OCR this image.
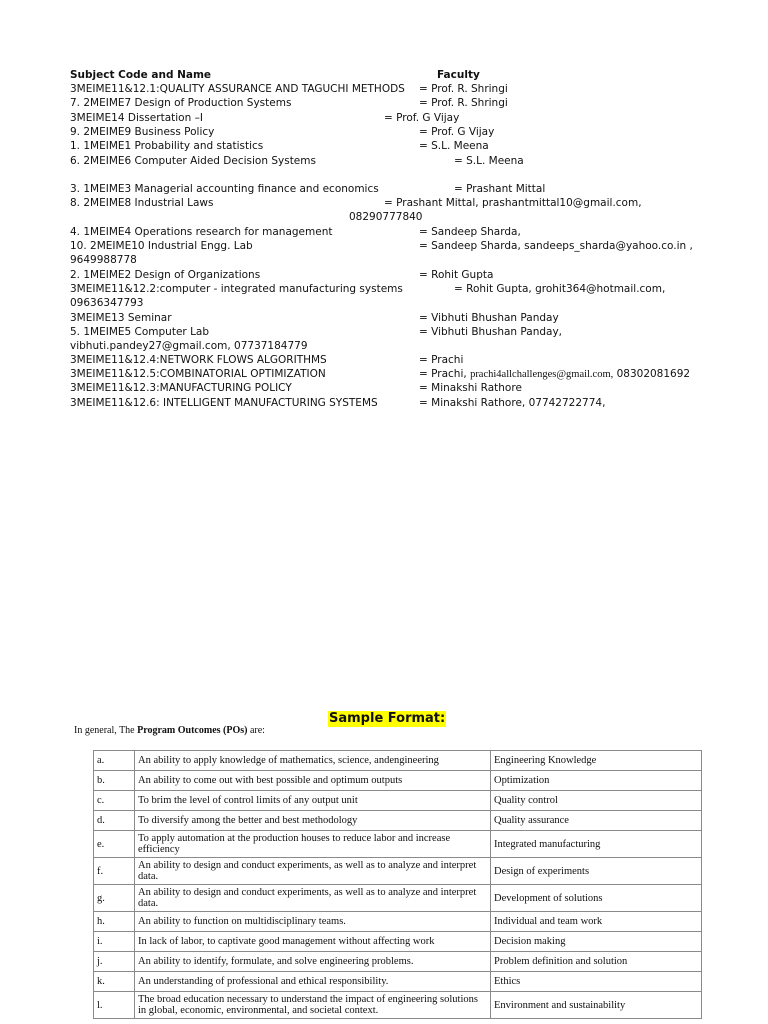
Subject Code and Name	Faculty
3MEIME11&12.1:QUALITY ASSURANCE AND TAGUCHI METHODS = Prof. R. Shringi
7. 2MEIME7 Design of Production Systems	= Prof. R. Shringi
3MEIME14 Dissertation –I	= Prof. G Vijay
9. 2MEIME9 Business Policy	= Prof. G Vijay
1. 1MEIME1 Probability and statistics	= S.L. Meena
6. 2MEIME6 Computer Aided Decision Systems	= S.L. Meena
3. 1MEIME3 Managerial accounting finance and economics	= Prashant Mittal
8. 2MEIME8 Industrial Laws	= Prashant Mittal, prashantmittal10@gmail.com,
08290777840
4. 1MEIME4 Operations research for management	= Sandeep Sharda,
10. 2MEIME10 Industrial Engg. Lab	= Sandeep Sharda, sandeeps_sharda@yahoo.co.in ,
9649988778
2. 1MEIME2 Design of Organizations	= Rohit Gupta
3MEIME11&12.2:computer - integrated manufacturing systems	= Rohit Gupta, grohit364@hotmail.com,
09636347793
3MEIME13 Seminar	= Vibhuti Bhushan Panday
5. 1MEIME5 Computer Lab	= Vibhuti Bhushan Panday,
vibhuti.pandey27@gmail.com, 07737184779
3MEIME11&12.4:NETWORK FLOWS ALGORITHMS	= Prachi
3MEIME11&12.5:COMBINATORIAL OPTIMIZATION	= Prachi, prachi4allchallenges@gmail.com, 08302081692
3MEIME11&12.3:MANUFACTURING POLICY	= Minakshi Rathore
3MEIME11&12.6: INTELLIGENT MANUFACTURING SYSTEMS	= Minakshi Rathore, 07742722774,
Sample Format:
In general, The Program Outcomes (POs) are:
a.	An ability to apply knowledge of mathematics, science, andengineering	Engineering Knowledge
b.	An ability to come out with best possible and optimum outputs	Optimization
c.	To brim the level of control limits of any output unit	Quality control
d.	To diversify among the better and best methodology	Quality assurance
e.	To apply automation at the production houses to reduce labor and increase efficiency	Integrated manufacturing
f.	An ability to design and conduct experiments, as well as to analyze and interpret data.	Design of experiments
g.	An ability to design and conduct experiments, as well as to analyze and interpret data.	Development of solutions
h.	An ability to function on multidisciplinary teams.	Individual and team work
i.	In lack of labor, to captivate good management without affecting work	Decision making
j.	An ability to identify, formulate, and solve engineering problems.	Problem definition and solution
k.	An understanding of professional and ethical responsibility.	Ethics
l.	The broad education necessary to understand the impact of engineering solutions in global, economic, environmental, and societal context.	Environment and sustainability
